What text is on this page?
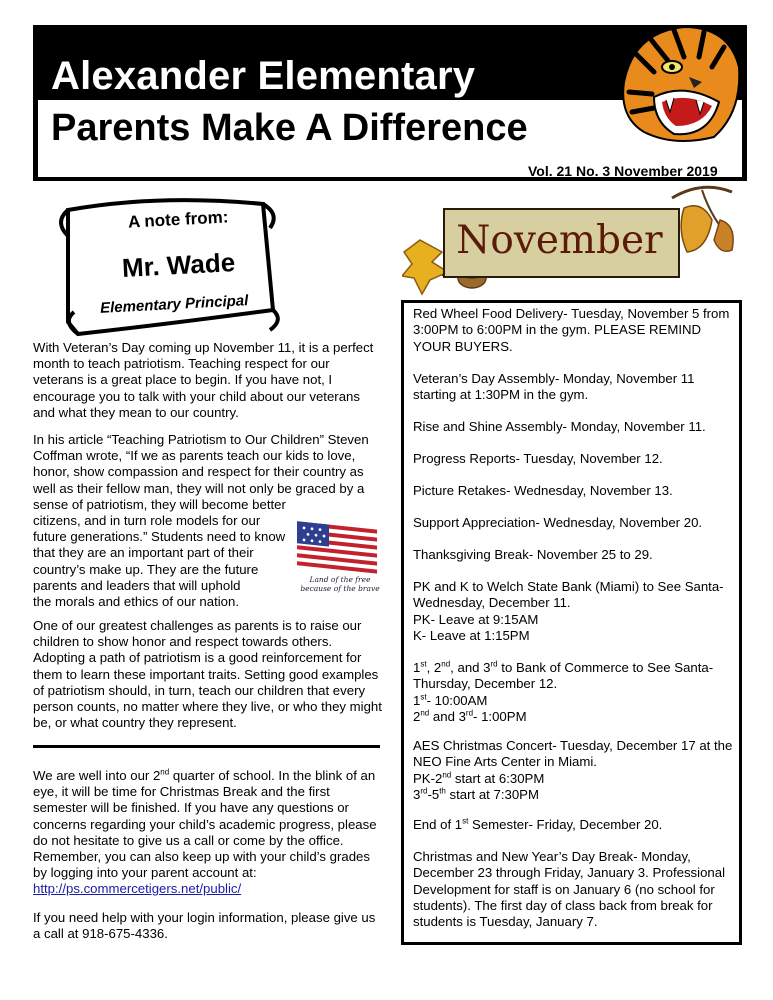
Alexander Elementary
Parents Make A Difference
Vol. 21 No. 3 November 2019
A note from:
Mr. Wade
Elementary Principal

With Veteran’s Day coming up November 11, it is a perfect month to teach patriotism. Teaching respect for our veterans is a great place to begin. If you have not, I encourage you to talk with your child about our veterans and what they mean to our country.

In his article “Teaching Patriotism to Our Children” Steven Coffman wrote, “If we as parents teach our kids to love, honor, show compassion and respect for their country as well as their fellow man, they will not only be graced by a sense of patriotism, they will become better

citizens, and in turn role models for our future generations.” Students need to know that they are an important part of their country’s make up. They are the future parents and leaders that will uphold

the morals and ethics of our nation.

Land of the free
because of the brave

One of our greatest challenges as parents is to raise our children to show honor and respect towards others. Adopting a path of patriotism is a good reinforcement for them to learn these important traits. Setting good examples of patriotism should, in turn, teach our children that every person counts, no matter where they live, or who they might be, or what country they represent.

We are well into our 2nd quarter of school. In the blink of an eye, it will be time for Christmas Break and the first semester will be finished. If you have any questions or concerns regarding your child’s academic progress, please do not hesitate to give us a call or come by the office. Remember, you can also keep up with your child’s grades by logging into your parent account at:
http://ps.commercetigers.net/public/

If you need help with your login information, please give us a call at 918-675-4336.

November
Red Wheel Food Delivery- Tuesday, November 5 from 3:00PM to 6:00PM in the gym. PLEASE REMIND YOUR BUYERS.
Veteran’s Day Assembly- Monday, November 11 starting at 1:30PM in the gym.
Rise and Shine Assembly- Monday, November 11.
Progress Reports- Tuesday, November 12.
Picture Retakes- Wednesday, November 13.
Support Appreciation- Wednesday, November 20.
Thanksgiving Break- November 25 to 29.
PK and K to Welch State Bank (Miami) to See Santa- Wednesday, December 11.
PK- Leave at 9:15AM
K- Leave at 1:15PM
1st, 2nd, and 3rd to Bank of Commerce to See Santa- Thursday, December 12.
1st- 10:00AM
2nd and 3rd- 1:00PM
AES Christmas Concert- Tuesday, December 17 at the NEO Fine Arts Center in Miami.
PK-2nd start at 6:30PM
3rd-5th start at 7:30PM
End of 1st Semester- Friday, December 20.
Christmas and New Year’s Day Break- Monday, December 23 through Friday, January 3. Professional Development for staff is on January 6 (no school for students). The first day of class back from break for students is Tuesday, January 7.
